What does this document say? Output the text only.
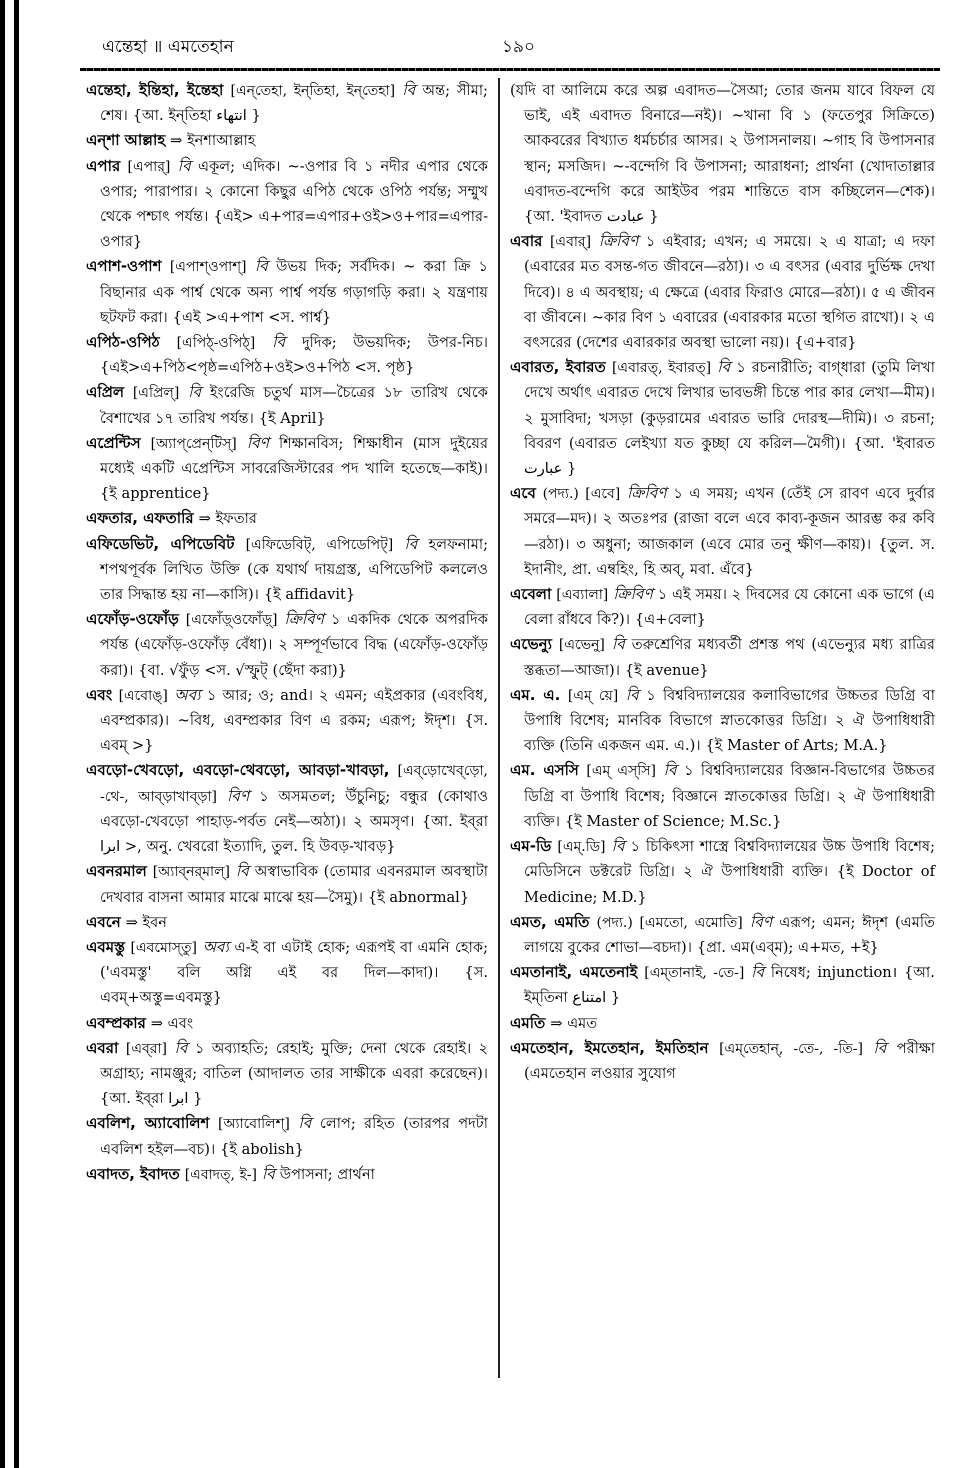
এন্তেহা ॥ এমতেহান	১৯০

এন্তেহা, ইন্তিহা, ইন্তেহা [এন্‌তেহা, ইন্‌তিহা, ইন্‌তেহা] বি অন্ত; সীমা; শেষ। {আ. ইন্‌তিহা انتهاء }

এন্‌শা আল্লাহ ⇒ ইনশাআল্লাহ

এপার [এপার্‌] বি একূল; এদিক। ~-ওপার বি ১ নদীর এপার থেকে ওপার; পারাপার। ২ কোনো কিছুর এপিঠ থেকে ওপিঠ পর্যন্ত; সম্মুখ থেকে পশ্চাৎ পর্যন্ত। {এই> এ+পার=এপার+ওই>ও+পার=এপার-ওপার}

এপাশ-ওপাশ [এপাশ্‌ওপাশ্‌] বি উভয় দিক; সর্বদিক। ~ করা ক্রি ১ বিছানার এক পার্শ্ব থেকে অন্য পার্শ্ব পর্যন্ত গড়াগড়ি করা। ২ যন্ত্রণায় ছটফট করা। {এই >এ+পাশ <স. পার্শ্ব}

এপিঠ-ওপিঠ [এপিঠ্‌-ওপিঠ্‌] বি দুদিক; উভয়দিক; উপর-নিচ। {এই>এ+পিঠ<পৃষ্ঠ=এপিঠ+ওই>ও+পিঠ <স. পৃষ্ঠ}

এপ্রিল [এপ্রিল্‌] বি ইংরেজি চতুর্থ মাস—চৈত্রের ১৮ তারিখ থেকে বৈশাখের ১৭ তারিখ পর্যন্ত। {ই April}

এপ্রেন্টিস [অ্যাপ্‌প্রেন্‌টিস্‌] বিণ শিক্ষানবিস; শিক্ষাধীন (মাস দুইয়ের মধ্যেই একটি এপ্রেন্টিস সাবরেজিস্টারের পদ খালি হতেছে—কাই)। {ই apprentice}

এফতার, এফতারি ⇒ ইফতার

এফিডেভিট, এপিডেবিট [এফিডেবিট্‌, এপিডেপিট্‌] বি হলফনামা; শপথপূর্বক লিখিত উক্তি (কে যথার্থ দায়গ্রস্ত, এপিডেপিট কললেও তার সিদ্ধান্ত হয় না—কাসি)। {ই affidavit}

এফোঁড়-ওফোঁড় [এফোঁড়্‌ওফোঁড়্‌] ক্রিবিণ ১ একদিক থেকে অপরদিক পর্যন্ত (এফোঁড়-ওফোঁড় বেঁধা)। ২ সম্পূর্ণভাবে বিদ্ধ (এফোঁড়-ওফোঁড় করা)। {বা. √ফুঁড় <স. √স্ফুট্‌ (ছেঁদা করা)}

এবং [এবোঙ্‌] অব্য ১ আর; ও; and। ২ এমন; এইপ্রকার (এবংবিধ, এবম্প্রকার)। ~বিধ, এবম্প্রকার বিণ এ রকম; এরূপ; ঈদৃশ। {স. এবম্‌ >}

এবড়ো-খেবড়ো, এবড়ো-থেবড়ো, আবড়া-খাবড়া, [এব্‌ড়োখেব্‌ড়ো, -থে-, আব্‌ড়াখাব্‌ড়া] বিণ ১ অসমতল; উঁচুনিচু; বন্ধুর (কোথাও এবড়ো-খেবড়ো পাহাড়-পর্বত নেই—অঠা)। ২ অমসৃণ। {আ. ইব্‌রা ابرا >, অনু. খেবরো ইত্যাদি, তুল. হি উবড়-খাবড়}

এবনরমাল [অ্যাব্‌নর্‌মাল্‌] বি অস্বাভাবিক (তোমার এবনরমাল অবস্থাটা দেখবার বাসনা আমার মাঝে মাঝে হয়—সৈমু)। {ই abnormal}

এবনে ⇒ ইবন

এবমস্তু [এবমোস্‌তু] অব্য এ-ই বা এটাই হোক; এরূপই বা এমনি হোক; ('এবমস্তু' বলি অগ্নি এই বর দিল—কাদা)। {স. এবম্‌+অস্তু=এবমস্তু}

এবম্প্রকার ⇒ এবং

এবরা [এব্‌রা] বি ১ অব্যাহতি; রেহাই; মুক্তি; দেনা থেকে রেহাই। ২ অগ্রাহ্য; নামঞ্জুর; বাতিল (আদালত তার সাক্ষীকে এবরা করেছেন)। {আ. ইব্‌রা ابرا }

এবলিশ, অ্যাবোলিশ [অ্যাবোলিশ্‌] বি লোপ; রহিত (তারপর পদটা এবলিশ হইল—বচ)। {ই abolish}

এবাদত, ইবাদত [এবাদত্‌, ই-] বি উপাসনা; প্রার্থনা

(যদি বা আলিমে করে অল্প এবাদত—সৈআ; তোর জনম যাবে বিফল যে ভাই, এই এবাদত বিনারে—নই)। ~খানা বি ১ (ফতেপুর সিক্রিতে) আকবরের বিখ্যাত ধর্মচর্চার আসর। ২ উপাসনালয়। ~গাহ বি উপাসনার স্থান; মসজিদ। ~-বন্দেগি বি উপাসনা; আরাধনা; প্রার্থনা (খোদাতাল্লার এবাদত-বন্দেগি করে আইউব পরম শান্তিতে বাস কচ্ছিলেন—শেক)। {আ. 'ইবাদত عبادت }

এবার [এবার্‌] ক্রিবিণ ১ এইবার; এখন; এ সময়ে। ২ এ যাত্রা; এ দফা (এবারের মত বসন্ত-গত জীবনে—রঠা)। ৩ এ বৎসর (এবার দুর্ভিক্ষ দেখা দিবে)। ৪ এ অবস্থায়; এ ক্ষেত্রে (এবার ফিরাও মোরে—রঠা)। ৫ এ জীবন বা জীবনে। ~কার বিণ ১ এবারের (এবারকার মতো স্থগিত রাখো)। ২ এ বৎসরের (দেশের এবারকার অবস্থা ভালো নয়)। {এ+বার}

এবারত, ইবারত [এবারত্‌, ইবারত্‌] বি ১ রচনারীতি; বাগ্‌ধারা (তুমি লিখা দেখে অর্থাৎ এবারত দেখে লিখার ভাবভঙ্গী চিন্তে পার কার লেখা—মীম)। ২ মুসাবিদা; খসড়া (কুড়রামের এবারত ভারি দোরস্থ—দীমি)। ৩ রচনা; বিবরণ (এবারত লেইখ্যা যত কুচ্ছা যে করিল—মৈগী)। {আ. 'ইবারত عبارت }

এবে (পদ্য.) [এবে] ক্রিবিণ ১ এ সময়; এখন (তেঁই সে রাবণ এবে দুর্বার সমরে—মদ)। ২ অতঃপর (রাজা বলে এবে কাব্য-কূজন আরম্ভ কর কবি—রঠা)। ৩ অধুনা; আজকাল (এবে মোর তনু ক্ষীণ—কায়)। {তুল. স. ইদানীং, প্রা. এম্বহিং, হি অব্‌, মবা. এঁবে}

এবেলা [এব্যালা] ক্রিবিণ ১ এই সময়। ২ দিবসের যে কোনো এক ভাগে (এ বেলা রাঁধবে কি?)। {এ+বেলা}

এভেন্যু [এভেনু] বি তরুশ্রেণির মধ্যবর্তী প্রশস্ত পথ (এভেন্যুর মধ্য রাত্রির স্তব্ধতা—আজা)। {ই avenue}

এম. এ. [এম্‌ য়ে] বি ১ বিশ্ববিদ্যালয়ের কলাবিভাগের উচ্চতর ডিগ্রি বা উপাধি বিশেষ; মানবিক বিভাগে স্নাতকোত্তর ডিগ্রি। ২ ঐ উপাধিধারী ব্যক্তি (তিনি একজন এম. এ.)। {ই Master of Arts; M.A.}

এম. এসসি [এম্‌ এস্‌সি] বি ১ বিশ্ববিদ্যালয়ের বিজ্ঞান-বিভাগের উচ্চতর ডিগ্রি বা উপাধি বিশেষ; বিজ্ঞানে স্নাতকোত্তর ডিগ্রি। ২ ঐ উপাধিধারী ব্যক্তি। {ই Master of Science; M.Sc.}

এম-ডি [এম্‌.ডি] বি ১ চিকিৎসা শাস্ত্রে বিশ্ববিদ্যালয়ের উচ্চ উপাধি বিশেষ; মেডিসিনে ডক্টরেট ডিগ্রি। ২ ঐ উপাধিধারী ব্যক্তি। {ই Doctor of Medicine; M.D.}

এমত, এমতি (পদ্য.) [এমতো, এমোতি] বিণ এরূপ; এমন; ঈদৃশ (এমতি লাগয়ে বুকের শোভা—বচদা)। {প্রা. এম(এব্‌ম); এ+মত, +ই}

এমতানাই, এমতেনাই [এম্‌তানাই, -তে-] বি নিষেধ; injunction। {আ. ইম্‌তিনা امتناع }

এমতি ⇒ এমত

এমতেহান, ইমতেহান, ইমতিহান [এম্‌তেহান্‌, -তে-, -তি-] বি পরীক্ষা (এমতেহান লওয়ার সুযোগ
